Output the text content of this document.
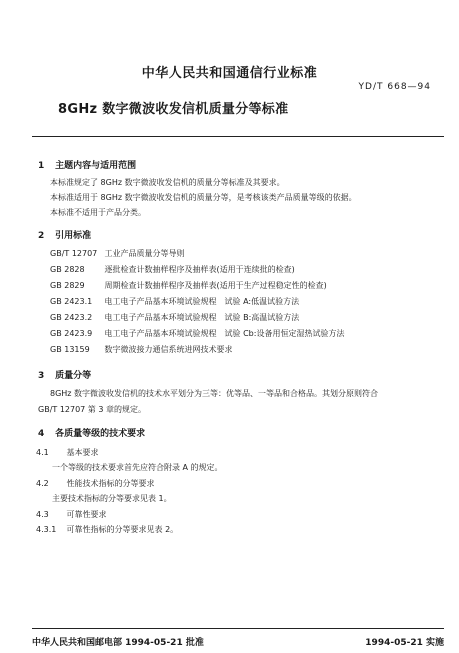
中华人民共和国通信行业标准
YD/T 668—94
8GHz 数字微波收发信机质量分等标准
1 主题内容与适用范围
本标准规定了 8GHz 数字微波收发信机的质量分等标准及其要求。
本标准适用于 8GHz 数字微波收发信机的质量分等，是考核该类产品质量等级的依据。
本标准不适用于产品分类。
2 引用标准
GB/T 12707 工业产品质量分等导则
GB 2828 逐批检查计数抽样程序及抽样表(适用于连续批的检查)
GB 2829 周期检查计数抽样程序及抽样表(适用于生产过程稳定性的检查)
GB 2423.1 电工电子产品基本环境试验规程　试验 A:低温试验方法
GB 2423.2 电工电子产品基本环境试验规程　试验 B:高温试验方法
GB 2423.9 电工电子产品基本环境试验规程　试验 Cb:设备用恒定湿热试验方法
GB 13159 数字微波接力通信系统进网技术要求
3 质量分等
8GHz 数字微波收发信机的技术水平划分为三等：优等品、一等品和合格品。其划分原则符合
GB/T 12707 第 3 章的规定。
4 各质量等级的技术要求
4.1 基本要求
一个等级的技术要求首先应符合附录 A 的规定。
4.2 性能技术指标的分等要求
主要技术指标的分等要求见表 1。
4.3 可靠性要求
4.3.1 可靠性指标的分等要求见表 2。
中华人民共和国邮电部 1994-05-21 批准	1994-05-21 实施
